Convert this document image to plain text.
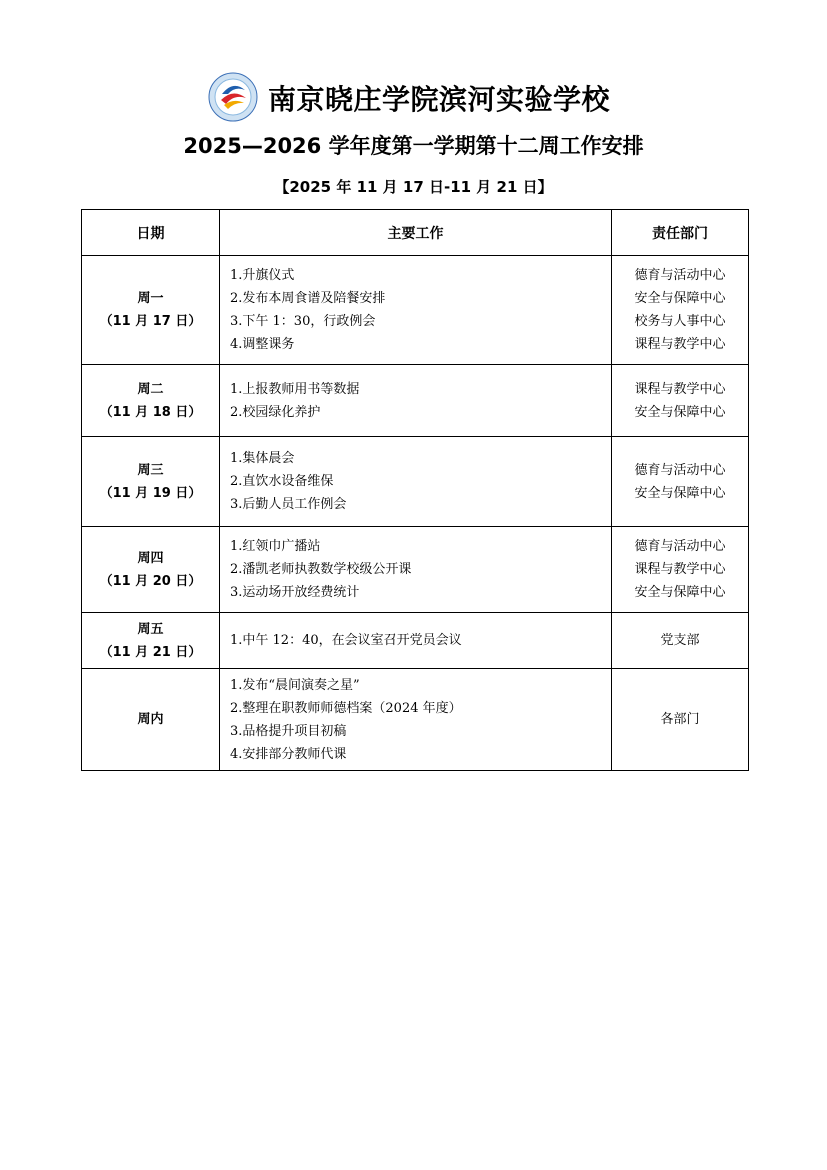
南京晓庄学院滨河实验学校
2025—2026 学年度第一学期第十二周工作安排
【2025 年 11 月 17 日-11 月 21 日】
日期	主要工作	责任部门

周一
（11 月 17 日）	1.升旗仪式
2.发布本周食谱及陪餐安排
3.下午 1：30，行政例会
4.调整课务	德育与活动中心
安全与保障中心
校务与人事中心
课程与教学中心

周二
（11 月 18 日）	1.上报教师用书等数据
2.校园绿化养护	课程与教学中心
安全与保障中心

周三
（11 月 19 日）	1.集体晨会
2.直饮水设备维保
3.后勤人员工作例会	德育与活动中心
安全与保障中心

周四
（11 月 20 日）	1.红领巾广播站
2.潘凯老师执教数学校级公开课
3.运动场开放经费统计	德育与活动中心
课程与教学中心
安全与保障中心

周五
（11 月 21 日）	1.中午 12：40，在会议室召开党员会议	党支部

周内	1.发布“晨间演奏之星”
2.整理在职教师师德档案（2024 年度）
3.品格提升项目初稿
4.安排部分教师代课	各部门
